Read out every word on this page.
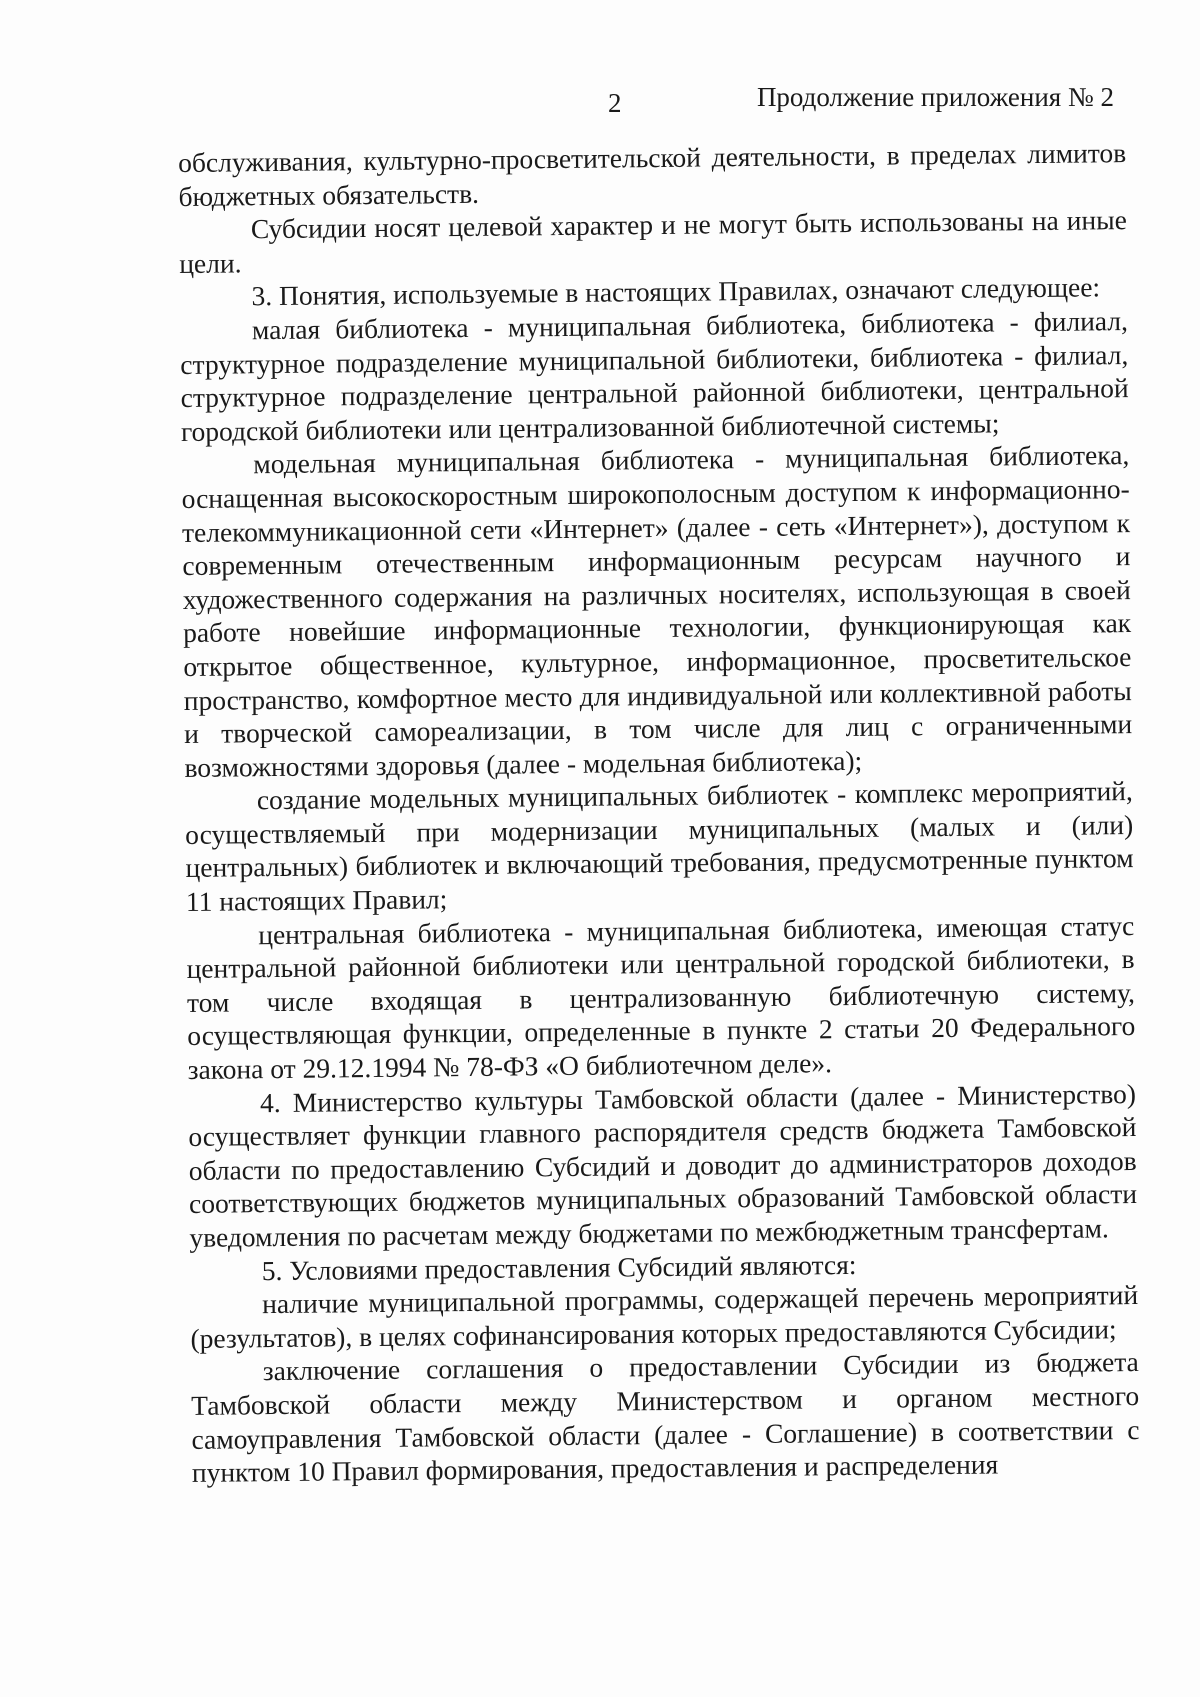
2	Продолжение приложения № 2

обслуживания, культурно-просветительской деятельности, в пределах лимитов бюджетных обязательств.

Субсидии носят целевой характер и не могут быть использованы на иные цели.

3. Понятия, используемые в настоящих Правилах, означают следующее:

малая библиотека - муниципальная библиотека, библиотека - филиал, структурное подразделение муниципальной библиотеки, библиотека - филиал, структурное подразделение центральной районной библиотеки, центральной городской библиотеки или централизованной библиотечной системы;

модельная муниципальная библиотека - муниципальная библиотека, оснащенная высокоскоростным широкополосным доступом к информационно-телекоммуникационной сети «Интернет» (далее - сеть «Интернет»), доступом к современным отечественным информационным ресурсам научного и художественного содержания на различных носителях, использующая в своей работе новейшие информационные технологии, функционирующая как открытое общественное, культурное, информационное, просветительское пространство, комфортное место для индивидуальной или коллективной работы и творческой самореализации, в том числе для лиц с ограниченными возможностями здоровья (далее - модельная библиотека);

создание модельных муниципальных библиотек - комплекс мероприятий, осуществляемый при модернизации муниципальных (малых и (или) центральных) библиотек и включающий требования, предусмотренные пунктом 11 настоящих Правил;

центральная библиотека - муниципальная библиотека, имеющая статус центральной районной библиотеки или центральной городской библиотеки, в том числе входящая в централизованную библиотечную систему, осуществляющая функции, определенные в пункте 2 статьи 20 Федерального закона от 29.12.1994 № 78-ФЗ «О библиотечном деле».

4. Министерство культуры Тамбовской области (далее - Министерство) осуществляет функции главного распорядителя средств бюджета Тамбовской области по предоставлению Субсидий и доводит до администраторов доходов соответствующих бюджетов муниципальных образований Тамбовской области уведомления по расчетам между бюджетами по межбюджетным трансфертам.

5. Условиями предоставления Субсидий являются:

наличие муниципальной программы, содержащей перечень мероприятий (результатов), в целях софинансирования которых предоставляются Субсидии;

заключение соглашения о предоставлении Субсидии из бюджета Тамбовской области между Министерством и органом местного самоуправления Тамбовской области (далее - Соглашение) в соответствии с пунктом 10 Правил формирования, предоставления и распределения
